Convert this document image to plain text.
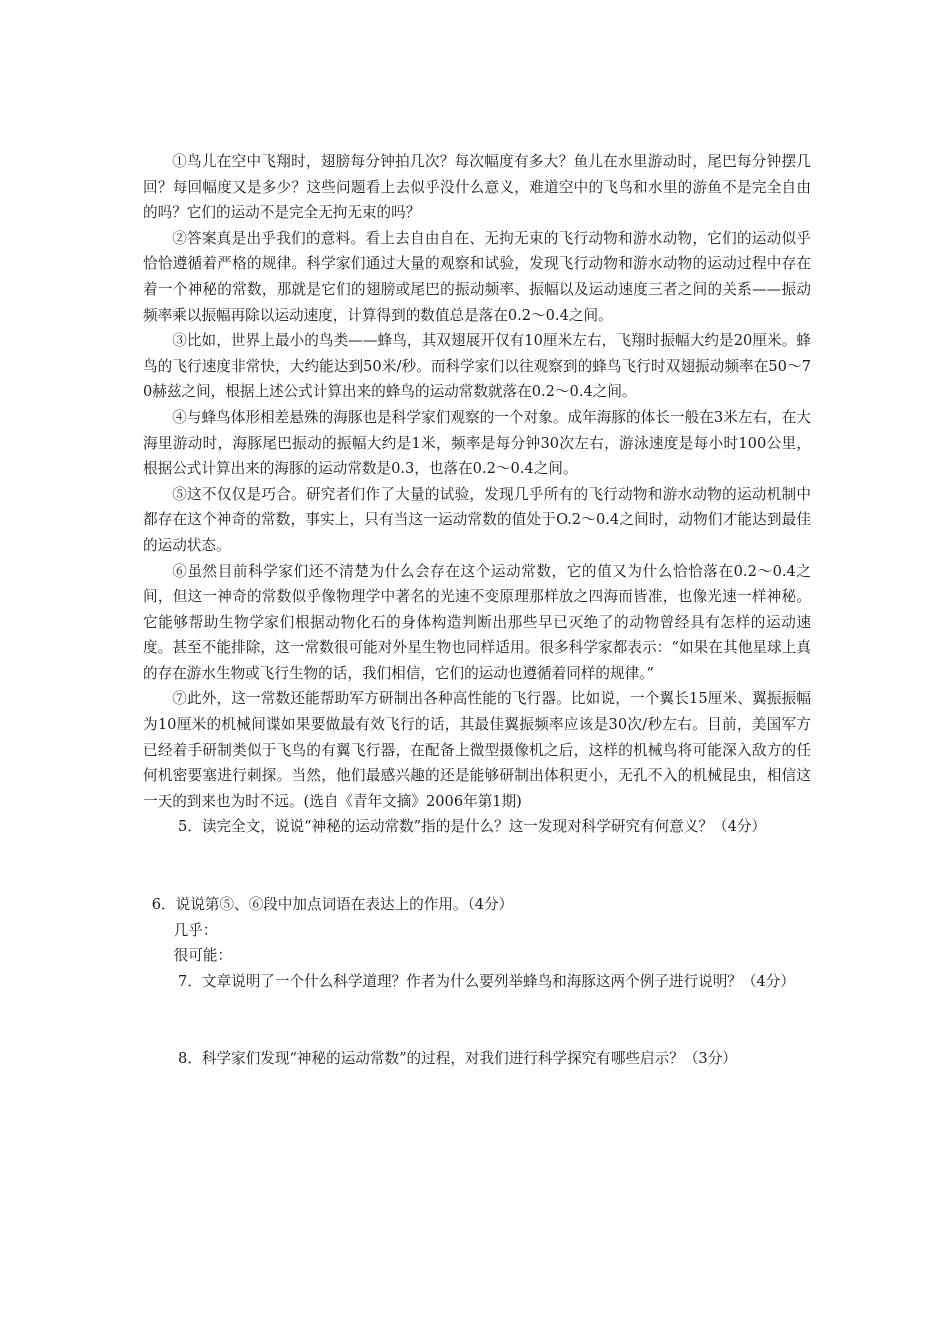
①鸟儿在空中飞翔时，翅膀每分钟拍几次？每次幅度有多大？鱼儿在水里游动时，尾巴每分钟摆几回？每回幅度又是多少？这些问题看上去似乎没什么意义，难道空中的飞鸟和水里的游鱼不是完全自由的吗？它们的运动不是完全无拘无束的吗？

②答案真是出乎我们的意料。看上去自由自在、无拘无束的飞行动物和游水动物，它们的运动似乎恰恰遵循着严格的规律。科学家们通过大量的观察和试验，发现飞行动物和游水动物的运动过程中存在着一个神秘的常数，那就是它们的翅膀或尾巴的振动频率、振幅以及运动速度三者之间的关系——振动频率乘以振幅再除以运动速度，计算得到的数值总是落在0.2～0.4之间。

③比如，世界上最小的鸟类——蜂鸟，其双翅展开仅有10厘米左右，飞翔时振幅大约是20厘米。蜂鸟的飞行速度非常快，大约能达到50米/秒。而科学家们以往观察到的蜂鸟飞行时双翅振动频率在50～70赫兹之间，根据上述公式计算出来的蜂鸟的运动常数就落在0.2～0.4之间。

④与蜂鸟体形相差悬殊的海豚也是科学家们观察的一个对象。成年海豚的体长一般在3米左右，在大海里游动时，海豚尾巴振动的振幅大约是1米，频率是每分钟30次左右，游泳速度是每小时100公里，根据公式计算出来的海豚的运动常数是0.3，也落在0.2～0.4之间。

⑤这不仅仅是巧合。研究者们作了大量的试验，发现几乎所有的飞行动物和游水动物的运动机制中都存在这个神奇的常数，事实上，只有当这一运动常数的值处于O.2～0.4之间时，动物们才能达到最佳的运动状态。

⑥虽然目前科学家们还不清楚为什么会存在这个运动常数，它的值又为什么恰恰落在0.2～0.4之间，但这一神奇的常数似乎像物理学中著名的光速不变原理那样放之四海而皆准，也像光速一样神秘。它能够帮助生物学家们根据动物化石的身体构造判断出那些早已灭绝了的动物曾经具有怎样的运动速度。甚至不能排除，这一常数很可能对外星生物也同样适用。很多科学家都表示：“如果在其他星球上真的存在游水生物或飞行生物的话，我们相信，它们的运动也遵循着同样的规律。”

⑦此外，这一常数还能帮助军方研制出各种高性能的飞行器。比如说，一个翼长15厘米、翼振振幅为10厘米的机械间谍如果要做最有效飞行的话，其最佳翼振频率应该是30次/秒左右。目前，美国军方已经着手研制类似于飞鸟的有翼飞行器，在配备上微型摄像机之后，这样的机械鸟将可能深入敌方的任何机密要塞进行刺探。当然，他们最感兴趣的还是能够研制出体积更小，无孔不入的机械昆虫，相信这一天的到来也为时不远。(选自《青年文摘》2006年第1期)

5．读完全文，说说“神秘的运动常数”指的是什么？这一发现对科学研究有何意义？（4分）

6．说说第⑤、⑥段中加点词语在表达上的作用。（4分）

几乎：

很可能：

7．文章说明了一个什么科学道理？作者为什么要列举蜂鸟和海豚这两个例子进行说明？（4分）

8．科学家们发现“神秘的运动常数”的过程，对我们进行科学探究有哪些启示？（3分）
